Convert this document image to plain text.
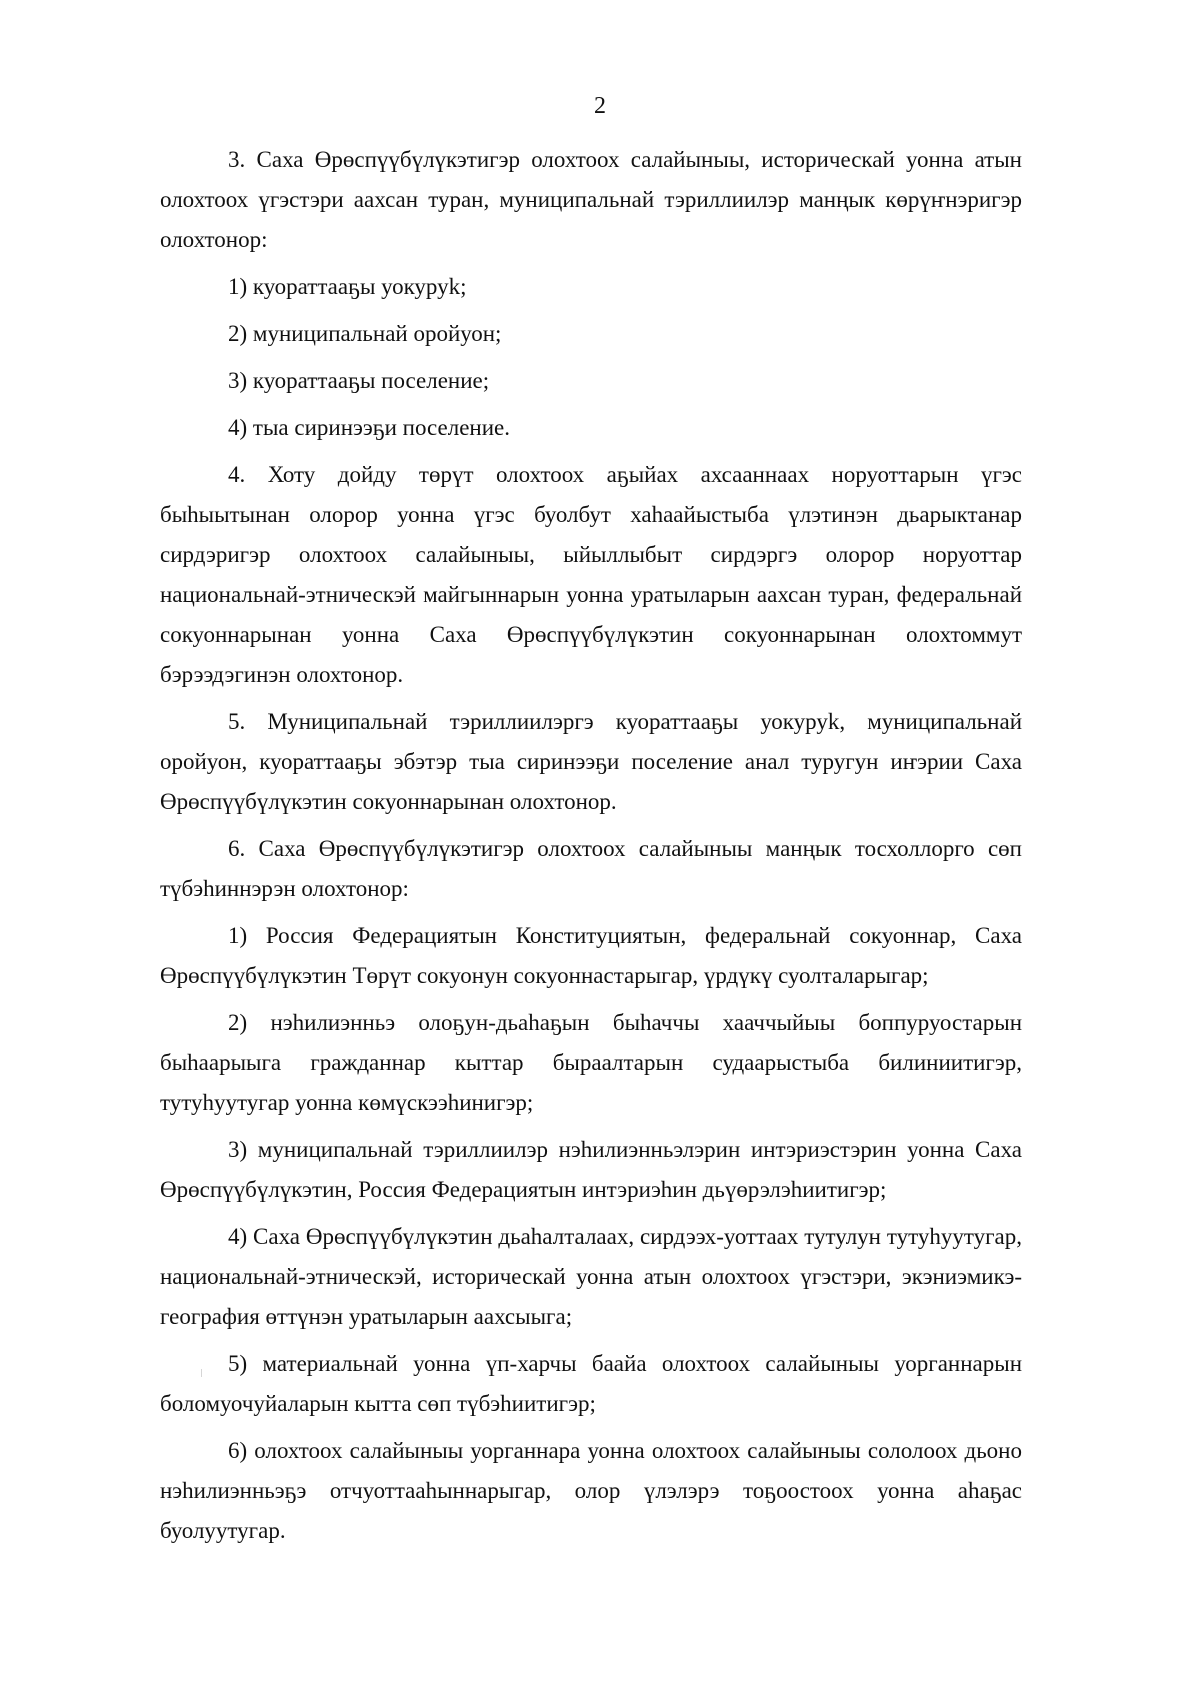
2

3. Саха Өрөспүүбүлүкэтигэр олохтоох салайыныы, историческай уонна атын олохтоох үгэстэри аахсан туран, муниципальнай тэриллиилэр манңык көрүҥнэригэр олохтонор:

1) куораттааҕы уокуруk;

2) муниципальнай оройуон;

3) куораттааҕы поселение;

4) тыа сиринээҕи поселение.

4. Хоту дойду төрүт олохтоох аҕыйах ахсааннаах норуоттарын үгэс быһыытынан олорор уонна үгэс буолбут хаһаайыстыба үлэтинэн дьарыктанар сирдэригэр олохтоох салайыныы, ыйыллыбыт сирдэргэ олорор норуоттар национальнай-этническэй майгыннарын уонна уратыларын аахсан туран, федеральнай сокуоннарынан уонна Саха Өрөспүүбүлүкэтин сокуоннарынан олохтоммут бэрээдэгинэн олохтонор.

5. Муниципальнай тэриллиилэргэ куораттааҕы уокуруk, муниципальнай оройуон, куораттааҕы эбэтэр тыа сиринээҕи поселение анал туругун иҥэрии Саха Өрөспүүбүлүкэтин сокуоннарынан олохтонор.

6. Саха Өрөспүүбүлүкэтигэр олохтоох салайыныы манңык тосхоллорго сөп түбэһиннэрэн олохтонор:

1) Россия Федерациятын Конституциятын, федеральнай сокуоннар, Саха Өрөспүүбүлүкэтин Төрүт сокуонун сокуоннастарыгар, үрдүкү суолталарыгар;

2) нэһилиэнньэ олоҕун-дьаһаҕын быһаччы хааччыйыы боппуруостарын быһаарыыга гражданнар кыттар быраалтарын судаарыстыба билиниитигэр, тутуһуутугар уонна көмүскээһинигэр;

3) муниципальнай тэриллиилэр нэһилиэнньэлэрин интэриэстэрин уонна Саха Өрөспүүбүлүкэтин, Россия Федерациятын интэриэһин дьүөрэлэһиитигэр;

4) Саха Өрөспүүбүлүкэтин дьаһалталаах, сирдээх-уоттаах тутулун тутуһуутугар, национальнай-этническэй, историческай уонна атын олохтоох үгэстэри, экэниэмикэ-география өттүнэн уратыларын аахсыыга;

5) материальнай уонна үп-харчы баайа олохтоох салайыныы уорганнарын боломуочуйаларын кытта сөп түбэһиитигэр;

6) олохтоох салайыныы уорганнара уонна олохтоох салайыныы сололоох дьоно нэһилиэнньэҕэ отчуоттааһыннарыгар, олор үлэлэрэ тоҕоостоох уонна аһаҕас буолуутугар.
